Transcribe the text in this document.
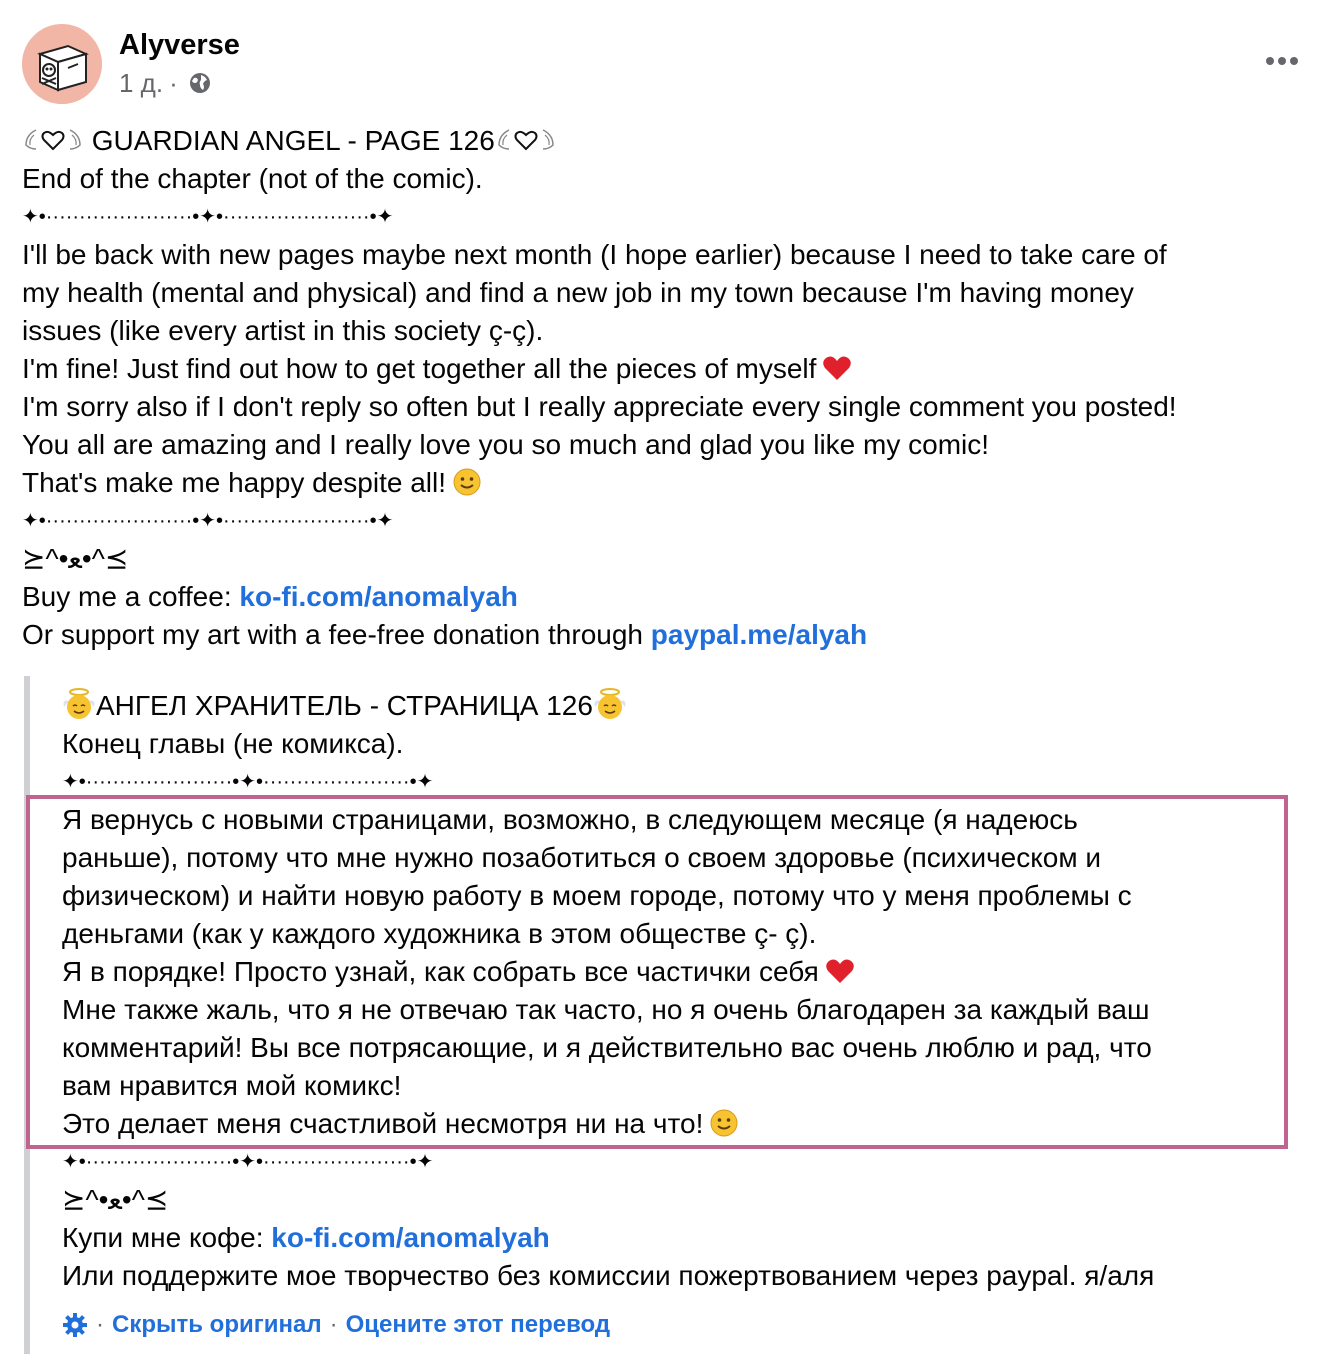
Alyverse
1 д. ·
GUARDIAN ANGEL - PAGE 126
End of the chapter (not of the comic).
✦•······················•✦•······················•✦
I'll be back with new pages maybe next month (I hope earlier) because I need to take care of
my health (mental and physical) and find a new job in my town because I'm having money
issues (like every artist in this society ç-ç).
I'm fine! Just find out how to get together all the pieces of myself
I'm sorry also if I don't reply so often but I really appreciate every single comment you posted!
You all are amazing and I really love you so much and glad you like my comic!
That's make me happy despite all!
✦•······················•✦•······················•✦
⪰^•ﻌ•^⪯
Buy me a coffee: ko-fi.com/anomalyah
Or support my art with a fee-free donation through paypal.me/alyah
АНГЕЛ ХРАНИТЕЛЬ - СТРАНИЦА 126
Конец главы (не комикса).
✦•······················•✦•······················•✦
Я вернусь с новыми страницами, возможно, в следующем месяце (я надеюсь
раньше), потому что мне нужно позаботиться о своем здоровье (психическом и
физическом) и найти новую работу в моем городе, потому что у меня проблемы с
деньгами (как у каждого художника в этом обществе ç- ç).
Я в порядке! Просто узнай, как собрать все частички себя
Мне также жаль, что я не отвечаю так часто, но я очень благодарен за каждый ваш
комментарий! Вы все потрясающие, и я действительно вас очень люблю и рад, что
вам нравится мой комикс!
Это делает меня счастливой несмотря ни на что!
✦•······················•✦•······················•✦
⪰^•ﻌ•^⪯
Купи мне кофе: ko-fi.com/anomalyah
Или поддержите мое творчество без комиссии пожертвованием через paypal. я/аля
· Скрыть оригинал · Оцените этот перевод
